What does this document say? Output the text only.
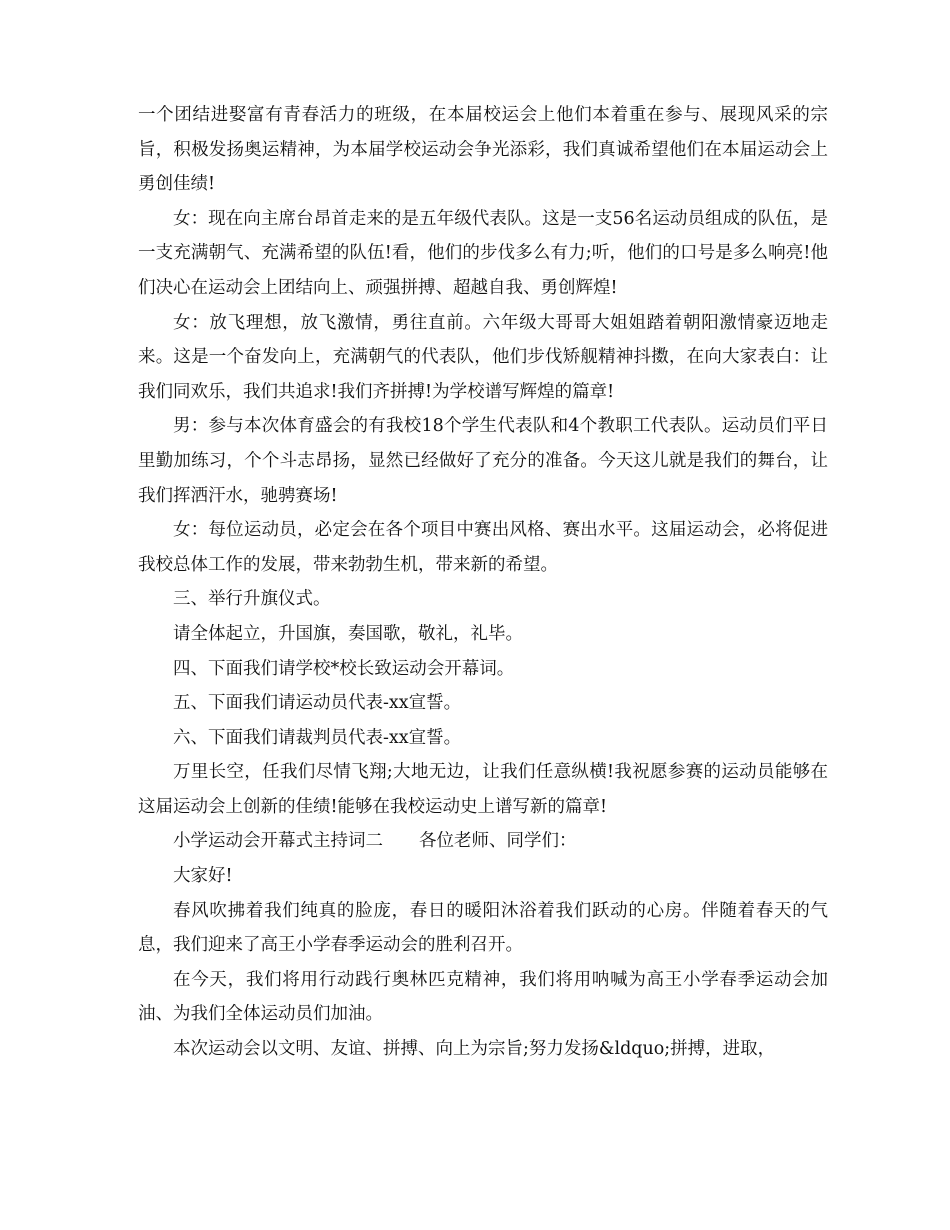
一个团结进娶富有青春活力的班级，在本届校运会上他们本着重在参与、展现风采的宗旨，积极发扬奥运精神，为本届学校运动会争光添彩，我们真诚希望他们在本届运动会上勇创佳绩!

女：现在向主席台昂首走来的是五年级代表队。这是一支56名运动员组成的队伍，是一支充满朝气、充满希望的队伍!看，他们的步伐多么有力;听，他们的口号是多么响亮!他们决心在运动会上团结向上、顽强拼搏、超越自我、勇创辉煌!

女：放飞理想，放飞激情，勇往直前。六年级大哥哥大姐姐踏着朝阳激情豪迈地走来。这是一个奋发向上，充满朝气的代表队，他们步伐矫舰精神抖擞，在向大家表白：让我们同欢乐，我们共追求!我们齐拼搏!为学校谱写辉煌的篇章!

男：参与本次体育盛会的有我校18个学生代表队和4个教职工代表队。运动员们平日里勤加练习，个个斗志昂扬，显然已经做好了充分的准备。今天这儿就是我们的舞台，让我们挥洒汗水，驰骋赛场!

女：每位运动员，必定会在各个项目中赛出风格、赛出水平。这届运动会，必将促进我校总体工作的发展，带来勃勃生机，带来新的希望。

三、举行升旗仪式。

请全体起立，升国旗，奏国歌，敬礼，礼毕。

四、下面我们请学校*校长致运动会开幕词。

五、下面我们请运动员代表-xx宣誓。

六、下面我们请裁判员代表-xx宣誓。

万里长空，任我们尽情飞翔;大地无边，让我们任意纵横!我祝愿参赛的运动员能够在这届运动会上创新的佳绩!能够在我校运动史上谱写新的篇章!

小学运动会开幕式主持词二 各位老师、同学们：

大家好!

春风吹拂着我们纯真的脸庞，春日的暖阳沐浴着我们跃动的心房。伴随着春天的气息，我们迎来了高王小学春季运动会的胜利召开。

在今天，我们将用行动践行奥林匹克精神，我们将用呐喊为高王小学春季运动会加油、为我们全体运动员们加油。

本次运动会以文明、友谊、拼搏、向上为宗旨;努力发扬&ldquo;拼搏，进取，
